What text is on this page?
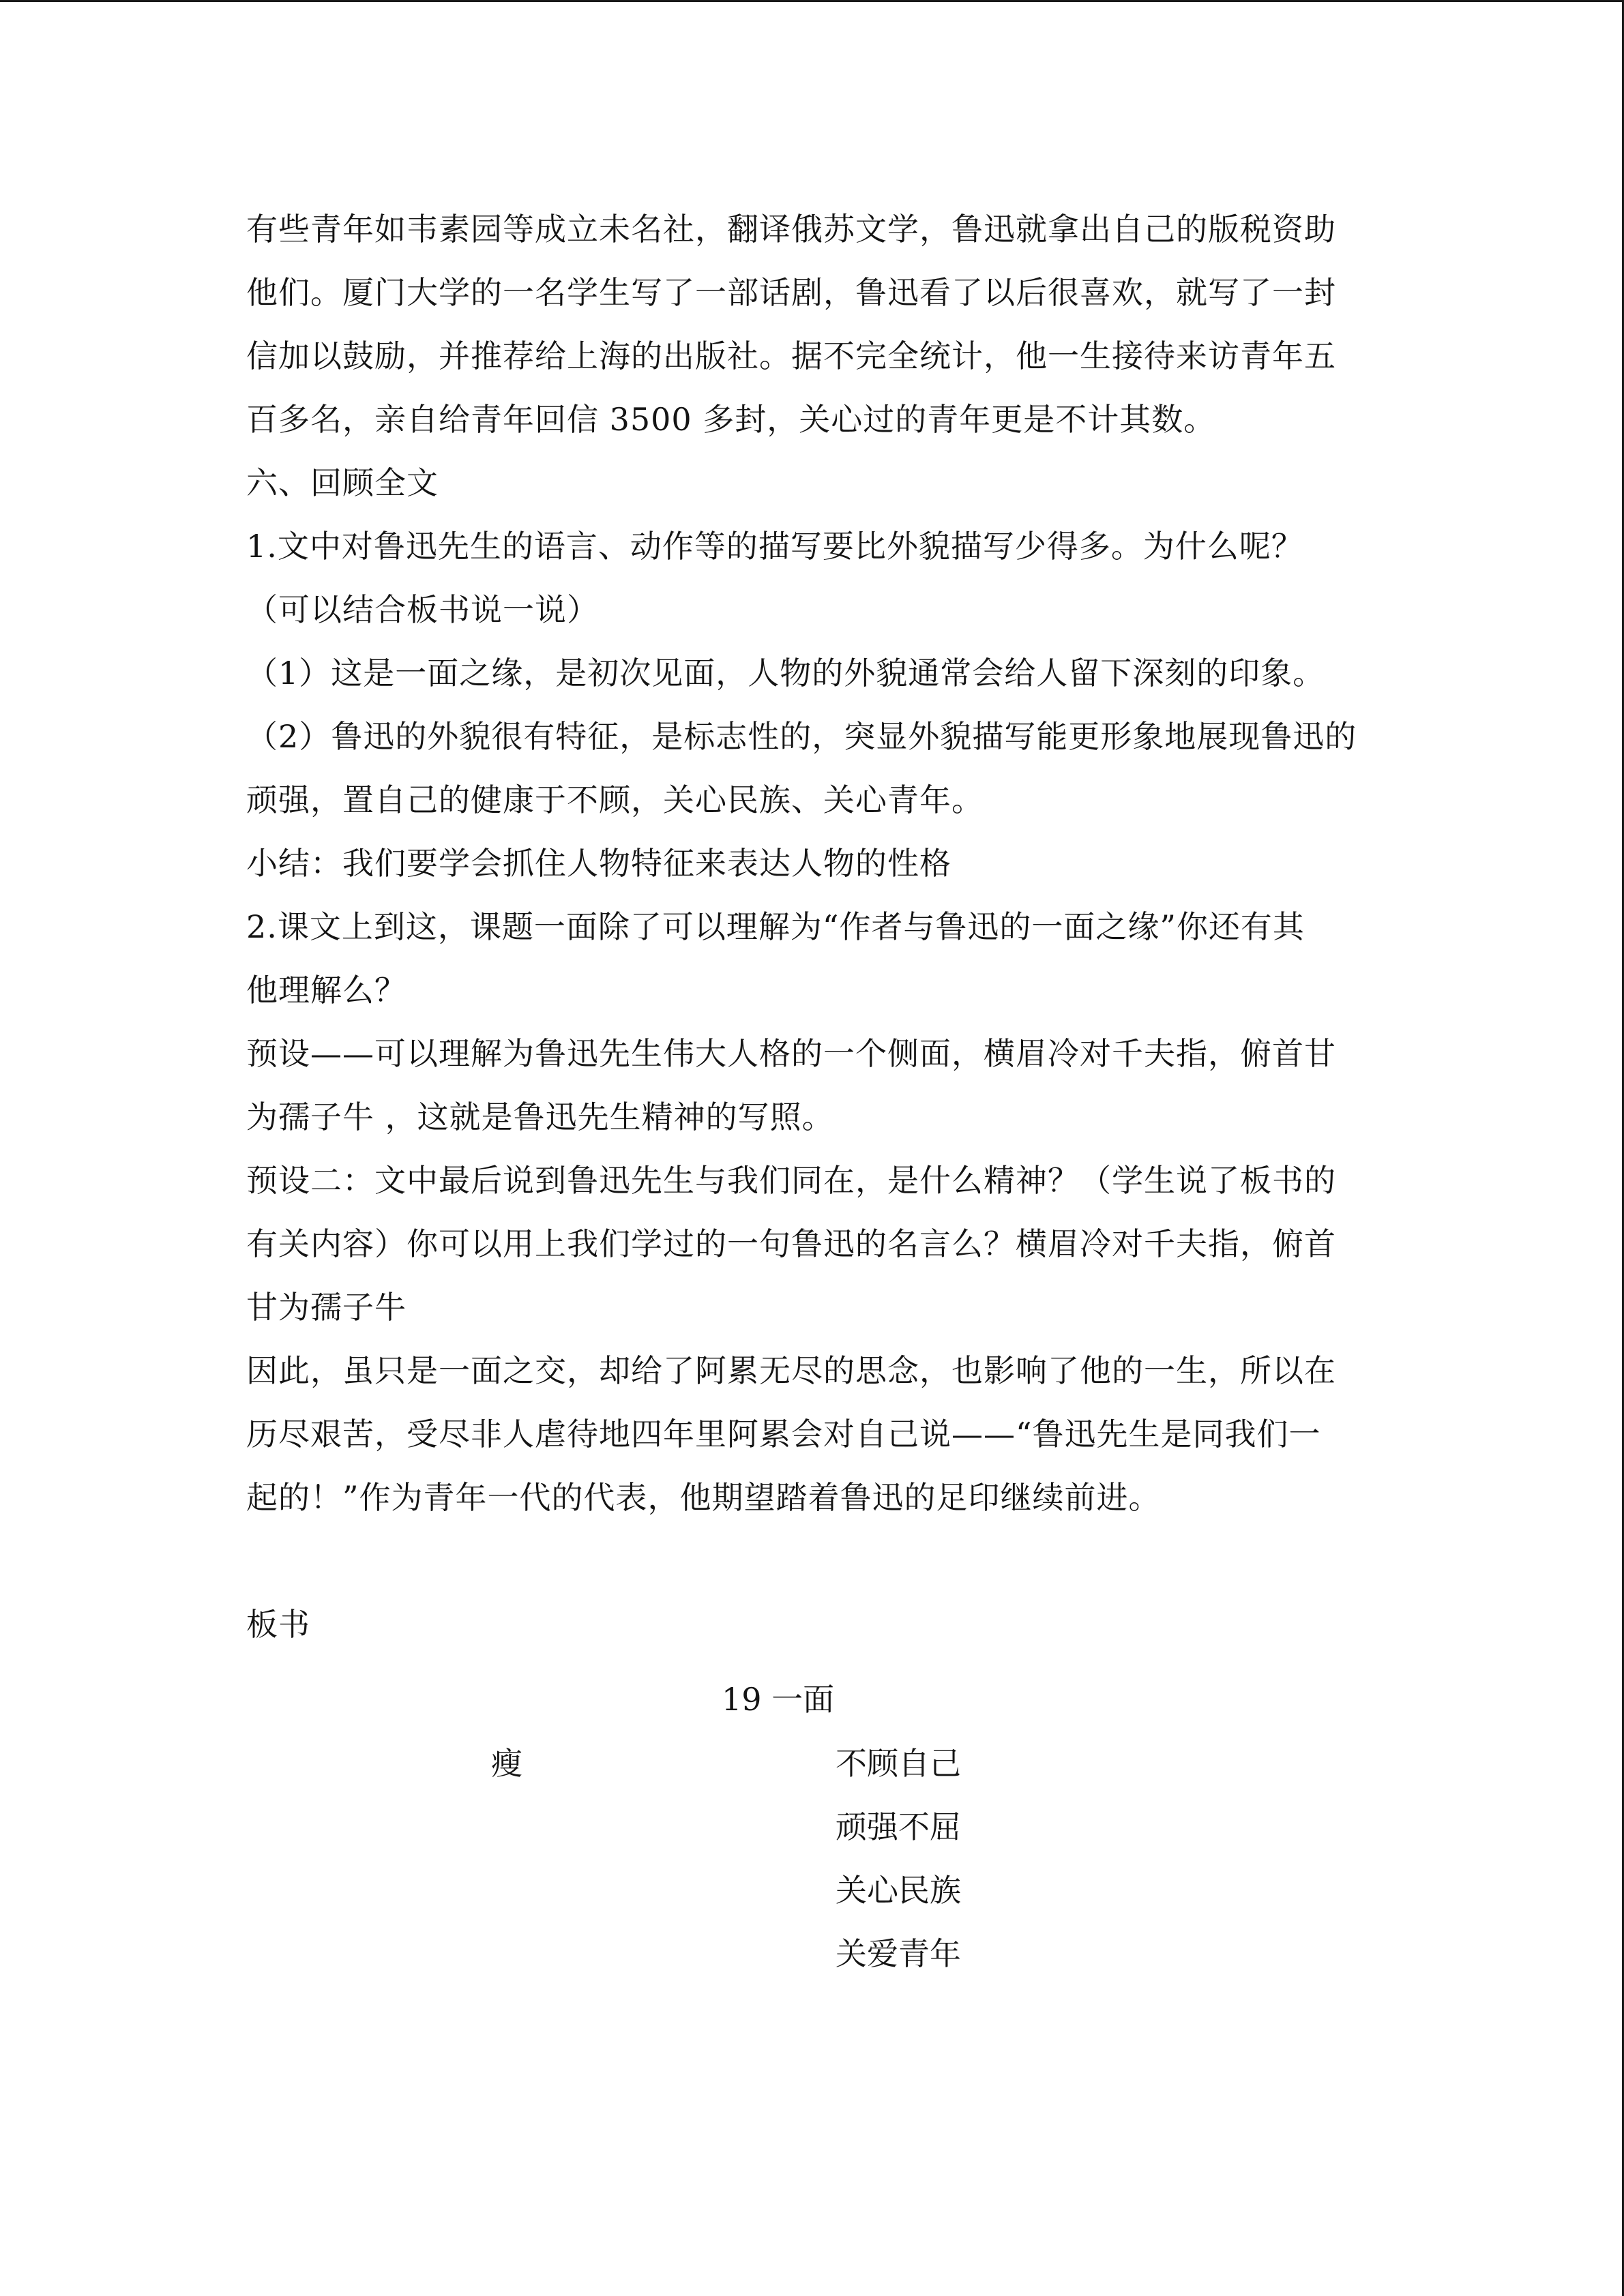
有些青年如韦素园等成立未名社，翻译俄苏文学，鲁迅就拿出自己的版税资助
他们。厦门大学的一名学生写了一部话剧，鲁迅看了以后很喜欢，就写了一封
信加以鼓励，并推荐给上海的出版社。据不完全统计，他一生接待来访青年五
百多名，亲自给青年回信 3500 多封，关心过的青年更是不计其数。
六、回顾全文
1.文中对鲁迅先生的语言、动作等的描写要比外貌描写少得多。为什么呢？
（可以结合板书说一说）
（1）这是一面之缘，是初次见面，人物的外貌通常会给人留下深刻的印象。
（2）鲁迅的外貌很有特征，是标志性的，突显外貌描写能更形象地展现鲁迅的
顽强，置自己的健康于不顾，关心民族、关心青年。
小结：我们要学会抓住人物特征来表达人物的性格
2.课文上到这，课题一面除了可以理解为“作者与鲁迅的一面之缘”你还有其
他理解么？
预设——可以理解为鲁迅先生伟大人格的一个侧面，横眉冷对千夫指，俯首甘
为孺子牛 ，这就是鲁迅先生精神的写照。
预设二：文中最后说到鲁迅先生与我们同在，是什么精神？（学生说了板书的
有关内容）你可以用上我们学过的一句鲁迅的名言么？横眉冷对千夫指，俯首
甘为孺子牛
因此，虽只是一面之交，却给了阿累无尽的思念，也影响了他的一生，所以在
历尽艰苦，受尽非人虐待地四年里阿累会对自己说——“鲁迅先生是同我们一
起的！”作为青年一代的代表，他期望踏着鲁迅的足印继续前进。
板书
19 一面
瘦	不顾自己
顽强不屈
关心民族
关爱青年
